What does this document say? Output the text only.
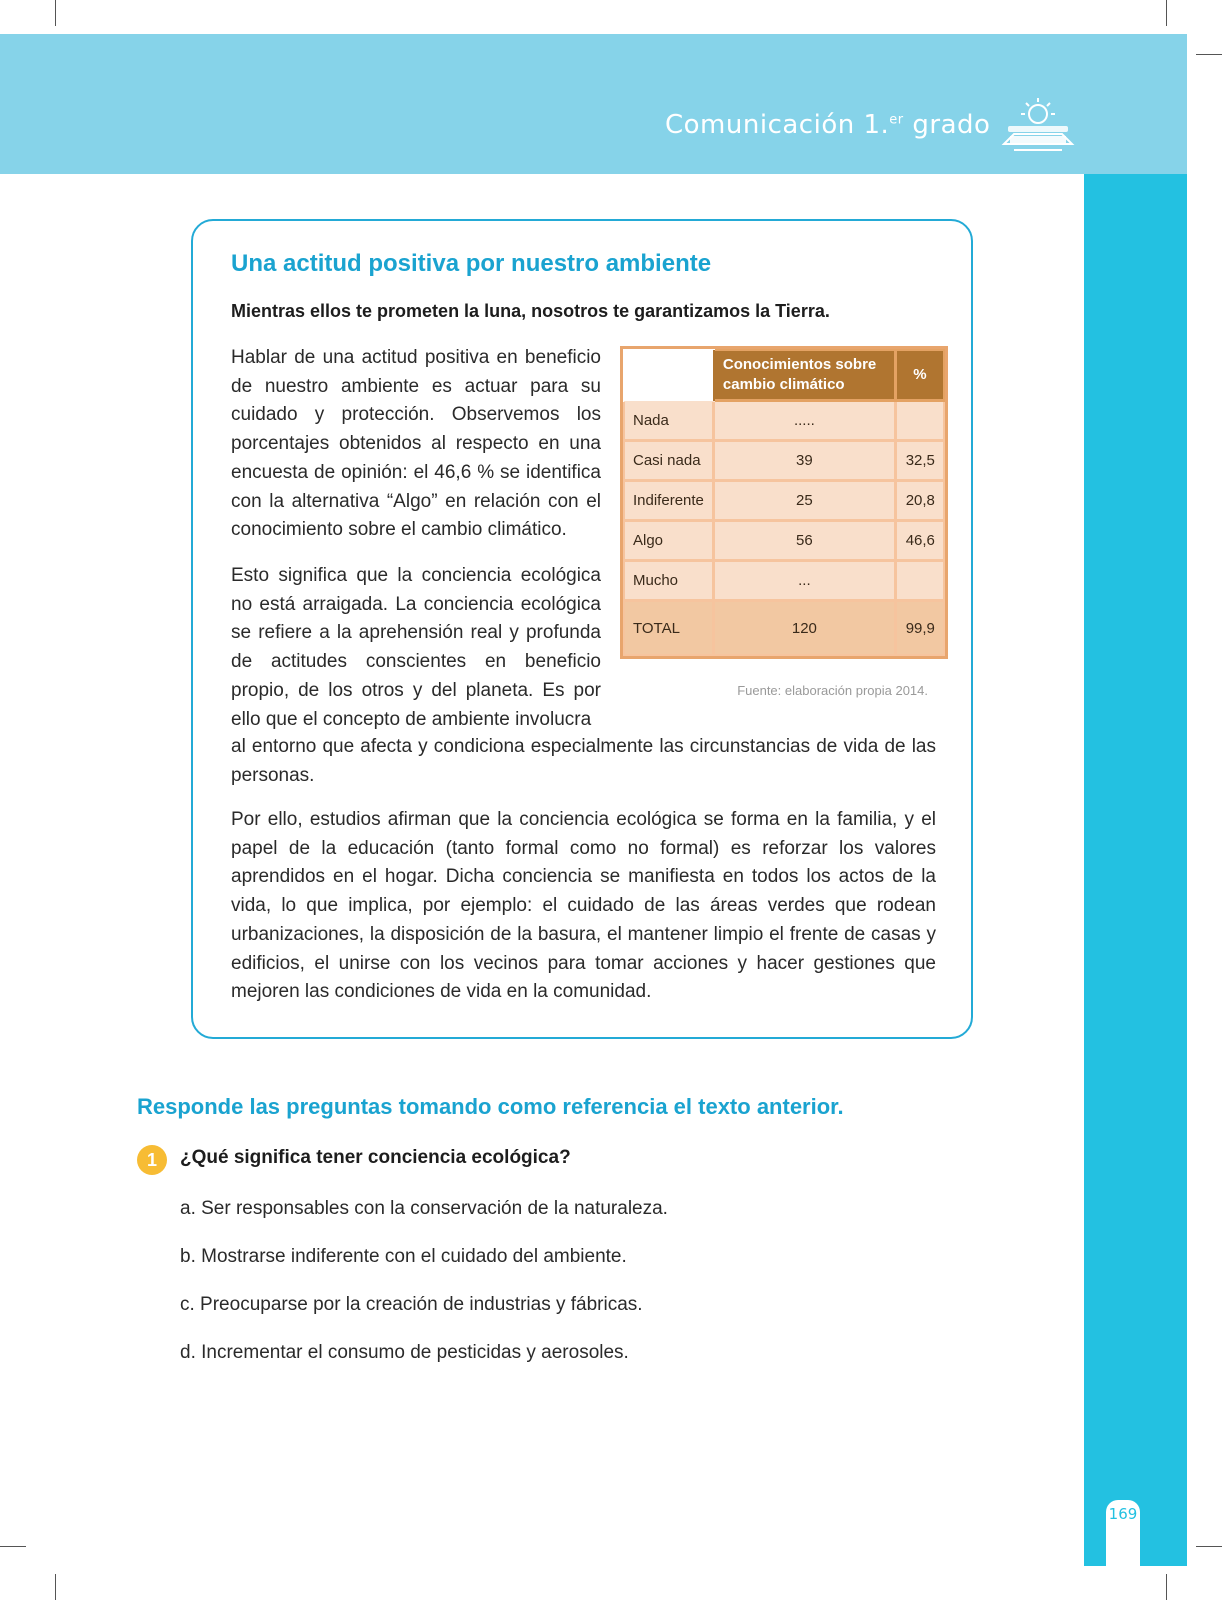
Comunicación 1.$^{er}$ grado
169
Una actitud positiva por nuestro ambiente
Mientras ellos te prometen la luna, nosotros te garantizamos la Tierra.
Hablar de una actitud positiva en beneficio de nuestro ambiente es actuar para su cuidado y protección. Observemos los porcentajes obtenidos al respecto en una encuesta de opinión: el 46,6 % se identifica con la alternativa “Algo” en relación con el conocimiento sobre el cambio climático.
Esto significa que la conciencia ecológica no está arraigada. La conciencia ecológica se refiere a la aprehensión real y profunda de actitudes conscientes en beneficio propio, de los otros y del planeta. Es por ello que el concepto de ambiente involucra
al entorno que afecta y condiciona especialmente las circunstancias de vida de las personas.
Por ello, estudios afirman que la conciencia ecológica se forma en la familia, y el papel de la educación (tanto formal como no formal) es reforzar los valores aprendidos en el hogar. Dicha conciencia se manifiesta en todos los actos de la vida, lo que implica, por ejemplo: el cuidado de las áreas verdes que rodean urbanizaciones, la disposición de la basura, el mantener limpio el frente de casas y edificios, el unirse con los vecinos para tomar acciones y hacer gestiones que mejoren las condiciones de vida en la comunidad.
	Conocimientos sobre cambio climático	%
Nada	.....	
Casi nada	39	32,5
Indiferente	25	20,8
Algo	56	46,6
Mucho	...	
TOTAL	120	99,9
Fuente: elaboración propia 2014.
Responde las preguntas tomando como referencia el texto anterior.
1	¿Qué significa tener conciencia ecológica?
a. Ser responsables con la conservación de la naturaleza.
b. Mostrarse indiferente con el cuidado del ambiente.
c. Preocuparse por la creación de industrias y fábricas.
d. Incrementar el consumo de pesticidas y aerosoles.
